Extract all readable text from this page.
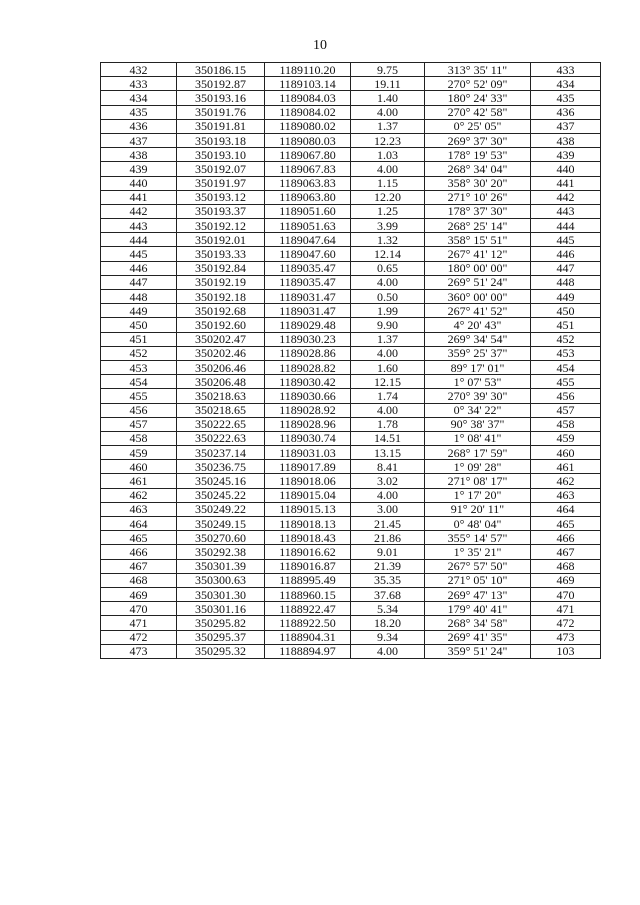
10
432	350186.15	1189110.20	9.75	313° 35' 11"	433
433	350192.87	1189103.14	19.11	270° 52' 09"	434
434	350193.16	1189084.03	1.40	180° 24' 33"	435
435	350191.76	1189084.02	4.00	270° 42' 58"	436
436	350191.81	1189080.02	1.37	0° 25' 05"	437
437	350193.18	1189080.03	12.23	269° 37' 30"	438
438	350193.10	1189067.80	1.03	178° 19' 53"	439
439	350192.07	1189067.83	4.00	268° 34' 04"	440
440	350191.97	1189063.83	1.15	358° 30' 20"	441
441	350193.12	1189063.80	12.20	271° 10' 26"	442
442	350193.37	1189051.60	1.25	178° 37' 30"	443
443	350192.12	1189051.63	3.99	268° 25' 14"	444
444	350192.01	1189047.64	1.32	358° 15' 51"	445
445	350193.33	1189047.60	12.14	267° 41' 12"	446
446	350192.84	1189035.47	0.65	180° 00' 00"	447
447	350192.19	1189035.47	4.00	269° 51' 24"	448
448	350192.18	1189031.47	0.50	360° 00' 00"	449
449	350192.68	1189031.47	1.99	267° 41' 52"	450
450	350192.60	1189029.48	9.90	4° 20' 43"	451
451	350202.47	1189030.23	1.37	269° 34' 54"	452
452	350202.46	1189028.86	4.00	359° 25' 37"	453
453	350206.46	1189028.82	1.60	89° 17' 01"	454
454	350206.48	1189030.42	12.15	1° 07' 53"	455
455	350218.63	1189030.66	1.74	270° 39' 30"	456
456	350218.65	1189028.92	4.00	0° 34' 22"	457
457	350222.65	1189028.96	1.78	90° 38' 37"	458
458	350222.63	1189030.74	14.51	1° 08' 41"	459
459	350237.14	1189031.03	13.15	268° 17' 59"	460
460	350236.75	1189017.89	8.41	1° 09' 28"	461
461	350245.16	1189018.06	3.02	271° 08' 17"	462
462	350245.22	1189015.04	4.00	1° 17' 20"	463
463	350249.22	1189015.13	3.00	91° 20' 11"	464
464	350249.15	1189018.13	21.45	0° 48' 04"	465
465	350270.60	1189018.43	21.86	355° 14' 57"	466
466	350292.38	1189016.62	9.01	1° 35' 21"	467
467	350301.39	1189016.87	21.39	267° 57' 50"	468
468	350300.63	1188995.49	35.35	271° 05' 10"	469
469	350301.30	1188960.15	37.68	269° 47' 13"	470
470	350301.16	1188922.47	5.34	179° 40' 41"	471
471	350295.82	1188922.50	18.20	268° 34' 58"	472
472	350295.37	1188904.31	9.34	269° 41' 35"	473
473	350295.32	1188894.97	4.00	359° 51' 24"	103
